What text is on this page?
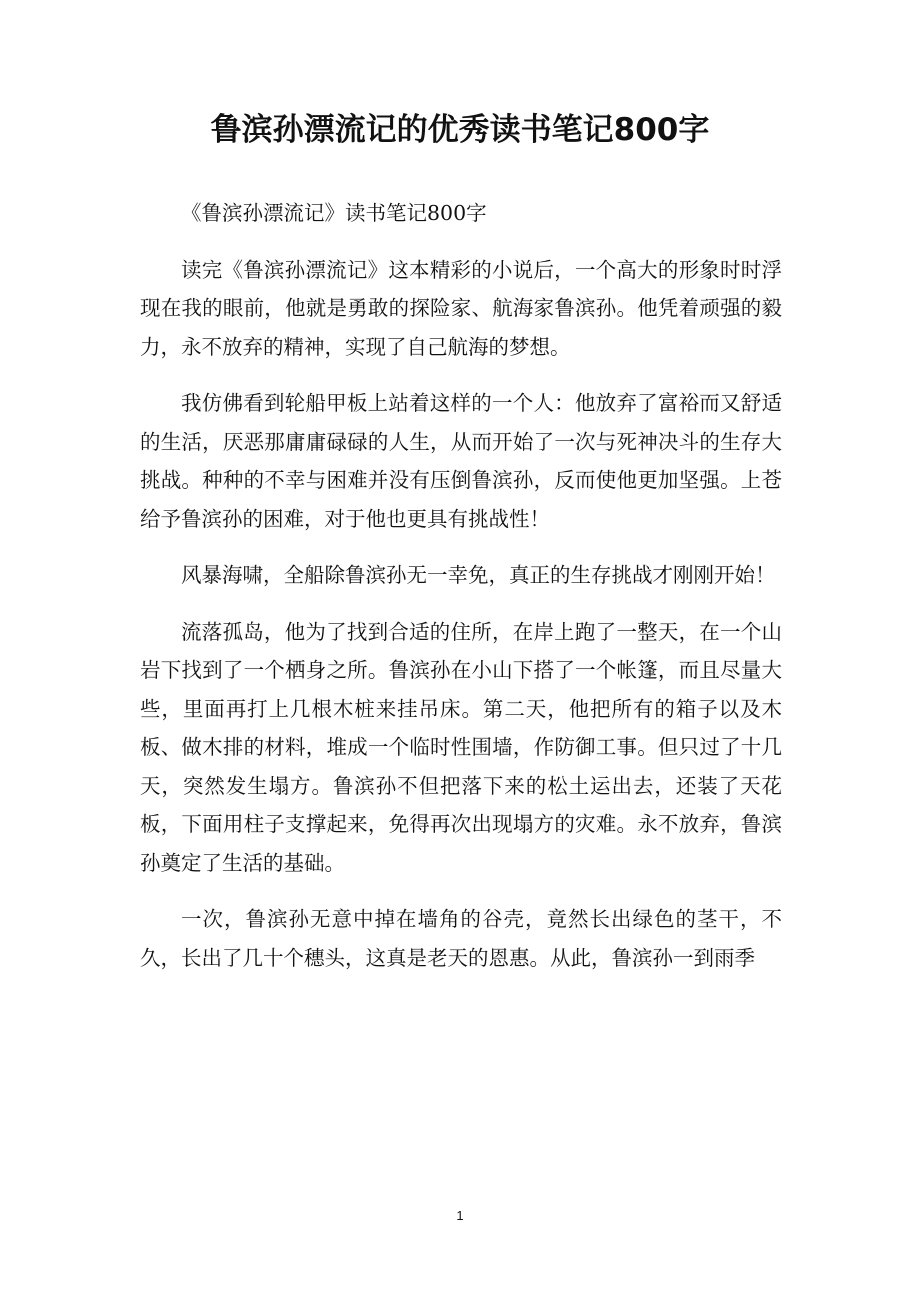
鲁滨孙漂流记的优秀读书笔记800字

《鲁滨孙漂流记》读书笔记800字

读完《鲁滨孙漂流记》这本精彩的小说后，一个高大的形象时时浮现在我的眼前，他就是勇敢的探险家、航海家鲁滨孙。他凭着顽强的毅力，永不放弃的精神，实现了自己航海的梦想。

我仿佛看到轮船甲板上站着这样的一个人：他放弃了富裕而又舒适的生活，厌恶那庸庸碌碌的人生，从而开始了一次与死神决斗的生存大挑战。种种的不幸与困难并没有压倒鲁滨孙，反而使他更加坚强。上苍给予鲁滨孙的困难，对于他也更具有挑战性！

风暴海啸，全船除鲁滨孙无一幸免，真正的生存挑战才刚刚开始！

流落孤岛，他为了找到合适的住所，在岸上跑了一整天，在一个山岩下找到了一个栖身之所。鲁滨孙在小山下搭了一个帐篷，而且尽量大些，里面再打上几根木桩来挂吊床。第二天，他把所有的箱子以及木板、做木排的材料，堆成一个临时性围墙，作防御工事。但只过了十几天，突然发生塌方。鲁滨孙不但把落下来的松土运出去，还装了天花板，下面用柱子支撑起来，免得再次出现塌方的灾难。永不放弃，鲁滨孙奠定了生活的基础。

一次，鲁滨孙无意中掉在墙角的谷壳，竟然长出绿色的茎干，不久，长出了几十个穗头，这真是老天的恩惠。从此，鲁滨孙一到雨季

1
